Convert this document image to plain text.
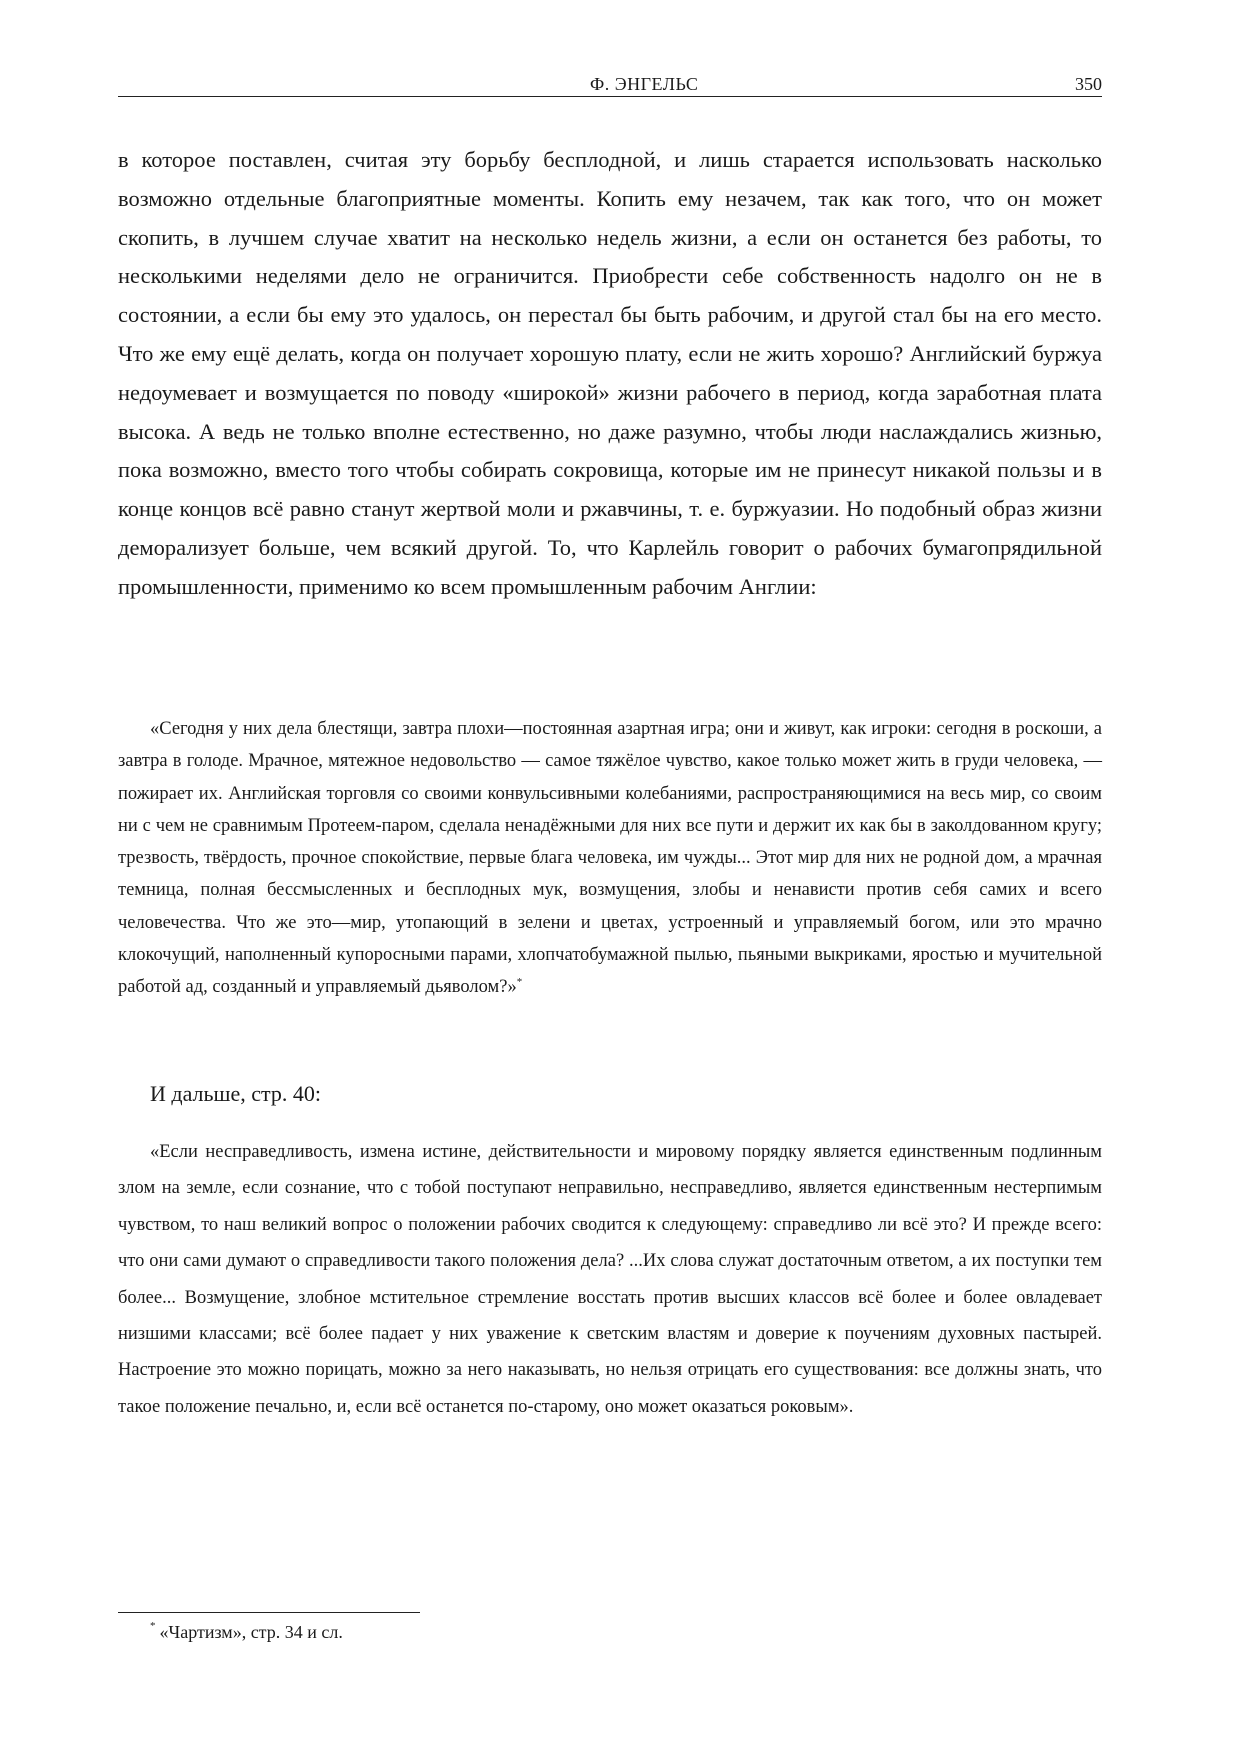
Ф. ЭНГЕЛЬС	350

в которое поставлен, считая эту борьбу бесплодной, и лишь старается использовать насколько возможно отдельные благоприятные моменты. Копить ему незачем, так как того, что он может скопить, в лучшем случае хватит на несколько недель жизни, а если он останется без работы, то несколькими неделями дело не ограничится. Приобрести себе собственность надолго он не в состоянии, а если бы ему это удалось, он перестал бы быть рабочим, и другой стал бы на его место. Что же ему ещё делать, когда он получает хорошую плату, если не жить хорошо? Английский буржуа недоумевает и возмущается по поводу «широкой» жизни рабочего в период, когда заработная плата высока. А ведь не только вполне естественно, но даже разумно, чтобы люди наслаждались жизнью, пока возможно, вместо того чтобы собирать сокровища, которые им не принесут никакой пользы и в конце концов всё равно станут жертвой моли и ржавчины, т. е. буржуазии. Но подобный образ жизни деморализует больше, чем всякий другой. То, что Карлейль говорит о рабочих бумагопрядильной промышленности, применимо ко всем промышленным рабочим Англии:

«Сегодня у них дела блестящи, завтра плохи—постоянная азартная игра; они и живут, как игроки: сегодня в роскоши, а завтра в голоде. Мрачное, мятежное недовольство — самое тяжёлое чувство, какое только может жить в груди человека, — пожирает их. Английская торговля со своими конвульсивными колебаниями, распространяющимися на весь мир, со своим ни с чем не сравнимым Протеем-паром, сделала ненадёжными для них все пути и держит их как бы в заколдованном кругу; трезвость, твёрдость, прочное спокойствие, первые блага человека, им чужды... Этот мир для них не родной дом, а мрачная темница, полная бессмысленных и бесплодных мук, возмущения, злобы и ненависти против себя самих и всего человечества. Что же это—мир, утопающий в зелени и цветах, устроенный и управляемый богом, или это мрачно клокочущий, наполненный купоросными парами, хлопчатобумажной пылью, пьяными выкриками, яростью и мучительной работой ад, созданный и управляемый дьяволом?»*

И дальше, стр. 40:

«Если несправедливость, измена истине, действительности и мировому порядку является единственным подлинным злом на земле, если сознание, что с тобой поступают неправильно, несправедливо, является единственным нестерпимым чувством, то наш великий вопрос о положении рабочих сводится к следующему: справедливо ли всё это? И прежде всего: что они сами думают о справедливости такого положения дела? ...Их слова служат достаточным ответом, а их поступки тем более... Возмущение, злобное мстительное стремление восстать против высших классов всё более и более овладевает низшими классами; всё более падает у них уважение к светским властям и доверие к поучениям духовных пастырей. Настроение это можно порицать, можно за него наказывать, но нельзя отрицать его существования: все должны знать, что такое положение печально, и, если всё останется по-старому, оно может оказаться роковым».

* «Чартизм», стр. 34 и сл.
